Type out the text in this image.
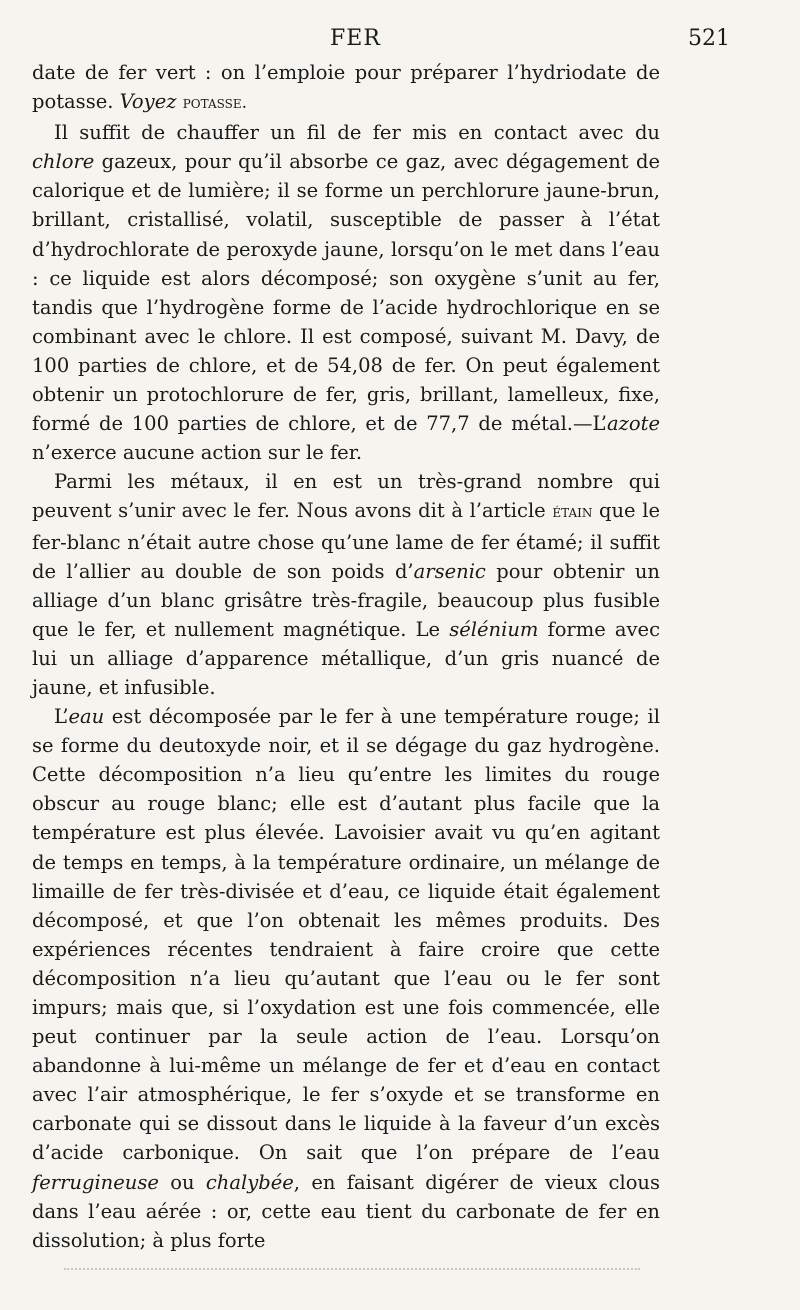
FER	521

date de fer vert : on l’emploie pour préparer l’hydriodate de potasse. Voyez potasse.

Il suffit de chauffer un fil de fer mis en contact avec du chlore gazeux, pour qu’il absorbe ce gaz, avec dégagement de calorique et de lumière; il se forme un perchlorure jaune-brun, brillant, cristallisé, volatil, susceptible de passer à l’état d’hydrochlorate de peroxyde jaune, lorsqu’on le met dans l’eau : ce liquide est alors décomposé; son oxygène s’unit au fer, tandis que l’hydrogène forme de l’acide hydrochlorique en se combinant avec le chlore. Il est composé, suivant M. Davy, de 100 parties de chlore, et de 54,08 de fer. On peut également obtenir un protochlorure de fer, gris, brillant, lamelleux, fixe, formé de 100 parties de chlore, et de 77,7 de métal.—L’azote n’exerce aucune action sur le fer.

Parmi les métaux, il en est un très-grand nombre qui peuvent s’unir avec le fer. Nous avons dit à l’article étain que le fer-blanc n’était autre chose qu’une lame de fer étamé; il suffit de l’allier au double de son poids d’arsenic pour obtenir un alliage d’un blanc grisâtre très-fragile, beaucoup plus fusible que le fer, et nullement magnétique. Le sélénium forme avec lui un alliage d’apparence métallique, d’un gris nuancé de jaune, et infusible.

L’eau est décomposée par le fer à une température rouge; il se forme du deutoxyde noir, et il se dégage du gaz hydrogène. Cette décomposition n’a lieu qu’entre les limites du rouge obscur au rouge blanc; elle est d’autant plus facile que la température est plus élevée. Lavoisier avait vu qu’en agitant de temps en temps, à la température ordinaire, un mélange de limaille de fer très-divisée et d’eau, ce liquide était également décomposé, et que l’on obtenait les mêmes produits. Des expériences récentes tendraient à faire croire que cette décomposition n’a lieu qu’autant que l’eau ou le fer sont impurs; mais que, si l’oxydation est une fois commencée, elle peut continuer par la seule action de l’eau. Lorsqu’on abandonne à lui-même un mélange de fer et d’eau en contact avec l’air atmosphérique, le fer s’oxyde et se transforme en carbonate qui se dissout dans le liquide à la faveur d’un excès d’acide carbonique. On sait que l’on prépare de l’eau ferrugineuse ou chalybée, en faisant digérer de vieux clous dans l’eau aérée : or, cette eau tient du carbonate de fer en dissolution; à plus forte
